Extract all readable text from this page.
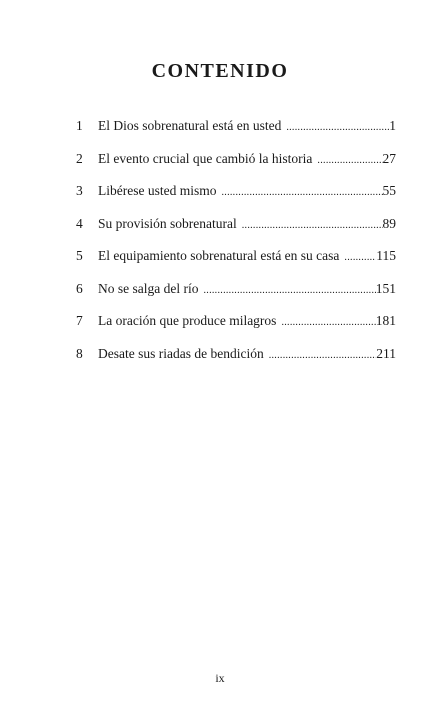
CONTENIDO
1	El Dios sobrenatural está en usted .....	1
2	El evento crucial que cambió la historia .....	27
3	Libérese usted mismo .....	55
4	Su provisión sobrenatural .....	89
5	El equipamiento sobrenatural está en su casa .....	115
6	No se salga del río .....	151
7	La oración que produce milagros .....	181
8	Desate sus riadas de bendición .....	211
ix
